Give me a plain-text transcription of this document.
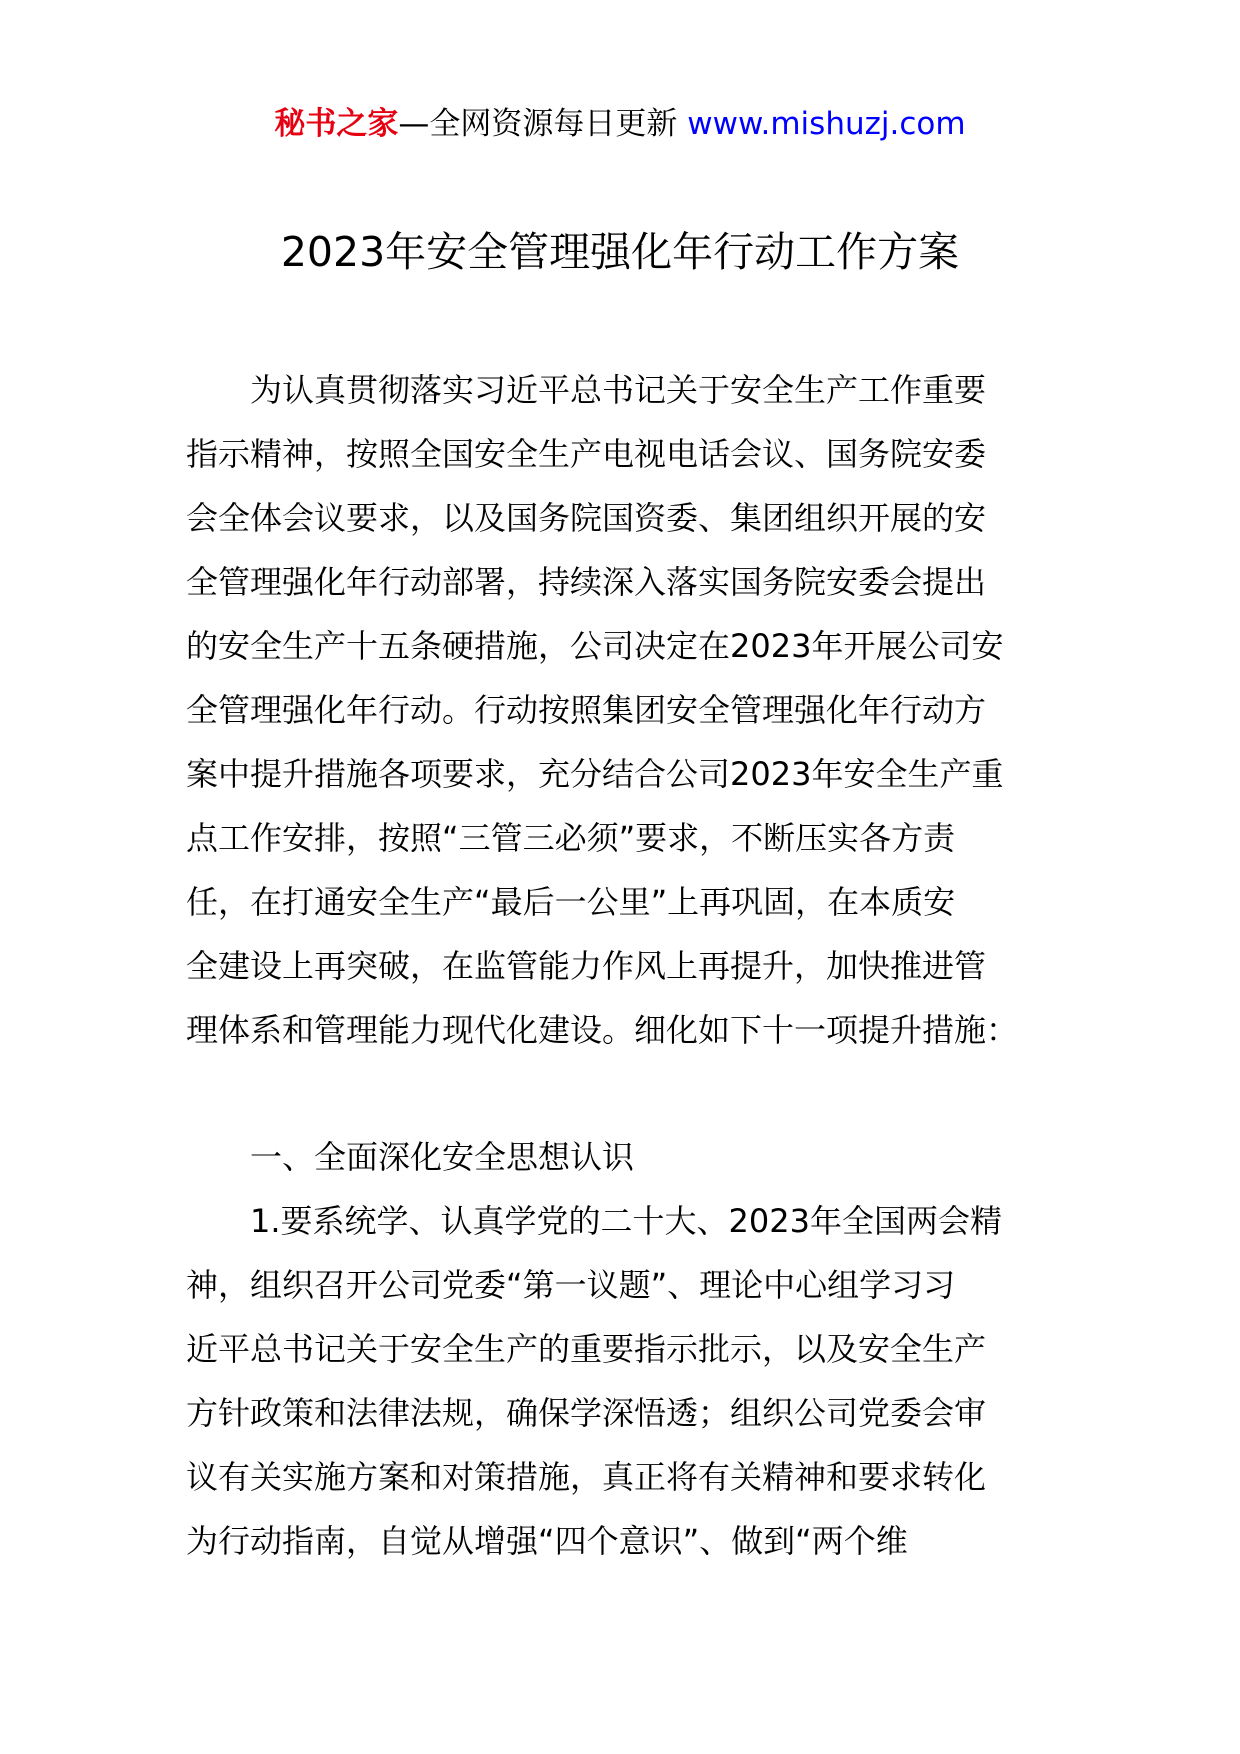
秘书之家—全网资源每日更新 www.mishuzj.com
2023年安全管理强化年行动工作方案

　　为认真贯彻落实习近平总书记关于安全生产工作重要
指示精神，按照全国安全生产电视电话会议、国务院安委
会全体会议要求，以及国务院国资委、集团组织开展的安
全管理强化年行动部署，持续深入落实国务院安委会提出
的安全生产十五条硬措施，公司决定在2023年开展公司安
全管理强化年行动。行动按照集团安全管理强化年行动方
案中提升措施各项要求，充分结合公司2023年安全生产重
点工作安排，按照“三管三必须”要求，不断压实各方责
任，在打通安全生产“最后一公里”上再巩固，在本质安
全建设上再突破，在监管能力作风上再提升，加快推进管
理体系和管理能力现代化建设。细化如下十一项提升措施：

　　一、全面深化安全思想认识

　　1.要系统学、认真学党的二十大、2023年全国两会精
神，组织召开公司党委“第一议题”、理论中心组学习习
近平总书记关于安全生产的重要指示批示，以及安全生产
方针政策和法律法规，确保学深悟透；组织公司党委会审
议有关实施方案和对策措施，真正将有关精神和要求转化
为行动指南，自觉从增强“四个意识”、做到“两个维
